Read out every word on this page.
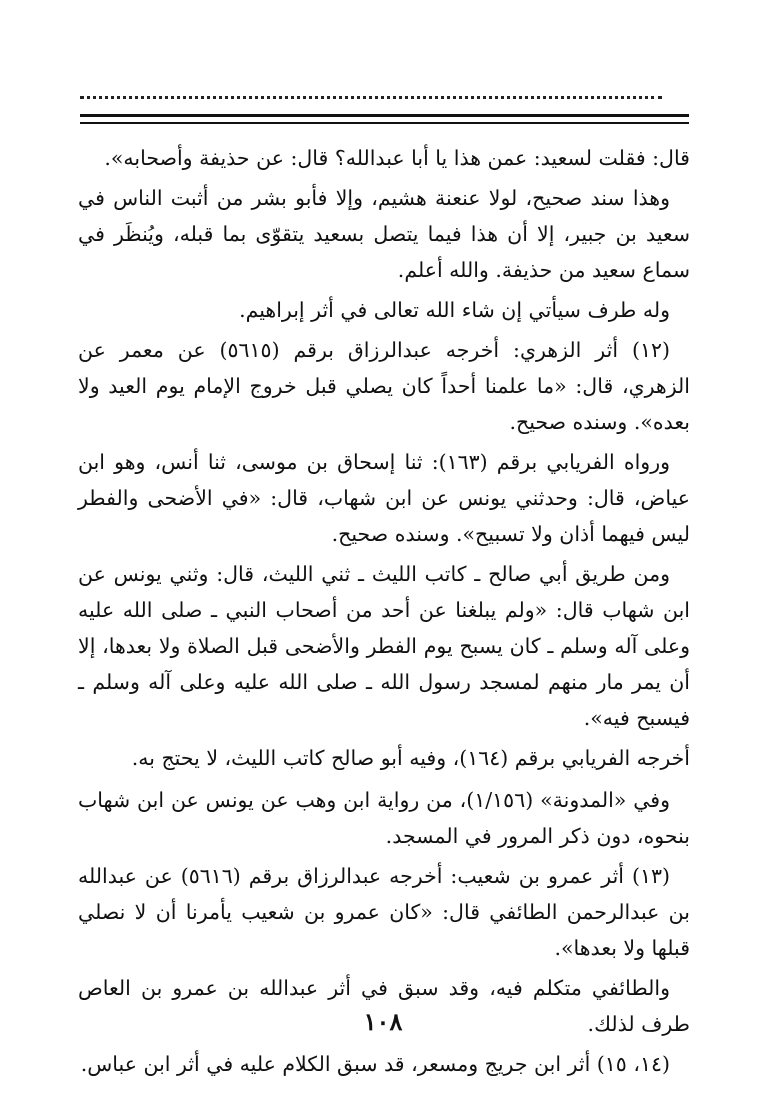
قال: فقلت لسعيد: عمن هذا يا أبا عبدالله؟ قال: عن حذيفة وأصحابه».

وهذا سند صحيح، لولا عنعنة هشيم، وإلا فأبو بشر من أثبت الناس في سعيد بن جبير، إلا أن هذا فيما يتصل بسعيد يتقوّى بما قبله، ويُنظَر في سماع سعيد من حذيفة. والله أعلم.

وله طرف سيأتي إن شاء الله تعالى في أثر إبراهيم.

(١٢) أثر الزهري: أخرجه عبدالرزاق برقم (٥٦١٥) عن معمر عن الزهري، قال: «ما علمنا أحداً كان يصلي قبل خروج الإمام يوم العيد ولا بعده». وسنده صحيح.

ورواه الفريابي برقم (١٦٣): ثنا إسحاق بن موسى، ثنا أنس، وهو ابن عياض، قال: وحدثني يونس عن ابن شهاب، قال: «في الأضحى والفطر ليس فيهما أذان ولا تسبيح». وسنده صحيح.

ومن طريق أبي صالح ـ كاتب الليث ـ ثني الليث، قال: وثني يونس عن ابن شهاب قال: «ولم يبلغنا عن أحد من أصحاب النبي ـ صلى الله عليه وعلى آله وسلم ـ كان يسبح يوم الفطر والأضحى قبل الصلاة ولا بعدها، إلا أن يمر مار منهم لمسجد رسول الله ـ صلى الله عليه وعلى آله وسلم ـ فيسبح فيه».

أخرجه الفريابي برقم (١٦٤)، وفيه أبو صالح كاتب الليث، لا يحتج به.

وفي «المدونة» (١/١٥٦)، من رواية ابن وهب عن يونس عن ابن شهاب بنحوه، دون ذكر المرور في المسجد.

(١٣) أثر عمرو بن شعيب: أخرجه عبدالرزاق برقم (٥٦١٦) عن عبدالله بن عبدالرحمن الطائفي قال: «كان عمرو بن شعيب يأمرنا أن لا نصلي قبلها ولا بعدها».

والطائفي متكلم فيه، وقد سبق في أثر عبدالله بن عمرو بن العاص طرف لذلك.

(١٤، ١٥) أثر ابن جريج ومسعر، قد سبق الكلام عليه في أثر ابن عباس.

١٠٨
